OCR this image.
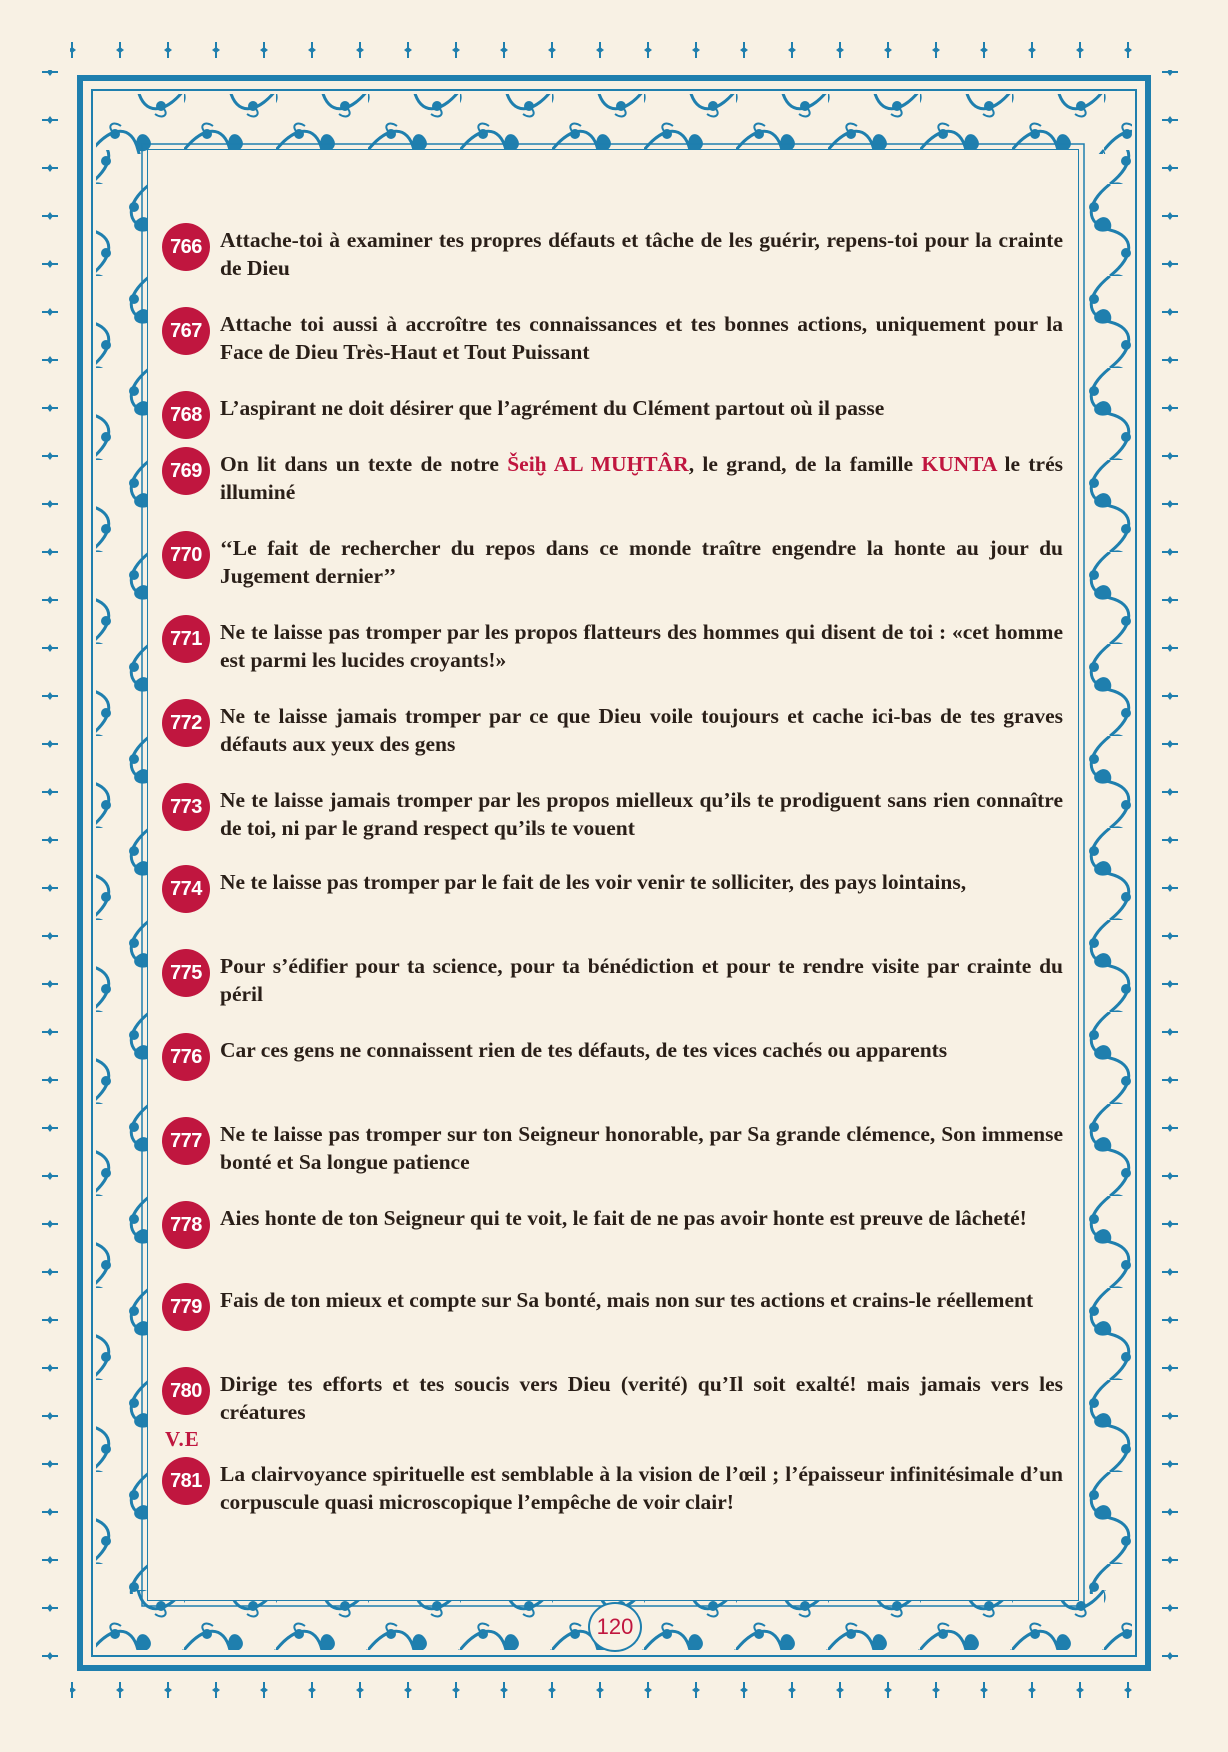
766 Attache-toi à examiner tes propres défauts et tâche de les guérir, repens-toi pour la crainte de Dieu
767 Attache toi aussi à accroître tes connaissances et tes bonnes actions, uniquement pour la Face de Dieu Très-Haut et Tout Puissant
768 L’aspirant ne doit désirer que l’agrément du Clément partout où il passe
769 On lit dans un texte de notre Šeiḫ AL MUḪTÂR, le grand, de la famille KUNTA le trés illuminé
770 ‘‘Le fait de rechercher du repos dans ce monde traître engendre la honte au jour du Jugement dernier’’
771 Ne te laisse pas tromper par les propos flatteurs des hommes qui disent de toi : «cet homme est parmi les lucides croyants!»
772 Ne te laisse jamais tromper par ce que Dieu voile toujours et cache ici-bas de tes graves défauts aux yeux des gens
773 Ne te laisse jamais tromper par les propos mielleux qu’ils te prodiguent sans rien connaître de toi, ni par le grand respect qu’ils te vouent
774 Ne te laisse pas tromper par le fait de les voir venir te solliciter, des pays lointains,
775 Pour s’édifier pour ta science, pour ta bénédiction et pour te rendre visite par crainte du péril
776 Car ces gens ne connaissent rien de tes défauts, de tes vices cachés ou apparents
777 Ne te laisse pas tromper sur ton Seigneur honorable, par Sa grande clémence, Son immense bonté et Sa longue patience
778 Aies honte de ton Seigneur qui te voit, le fait de ne pas avoir honte est preuve de lâcheté!
779 Fais de ton mieux et compte sur Sa bonté, mais non sur tes actions et crains-le réellement
780 Dirige tes efforts et tes soucis vers Dieu (verité) qu’Il soit exalté! mais jamais vers les créatures
781 La clairvoyance spirituelle est semblable à la vision de l’œil ; l’épaisseur infinitésimale d’un corpuscule quasi microscopique l’empêche de voir clair!
V.E
120
